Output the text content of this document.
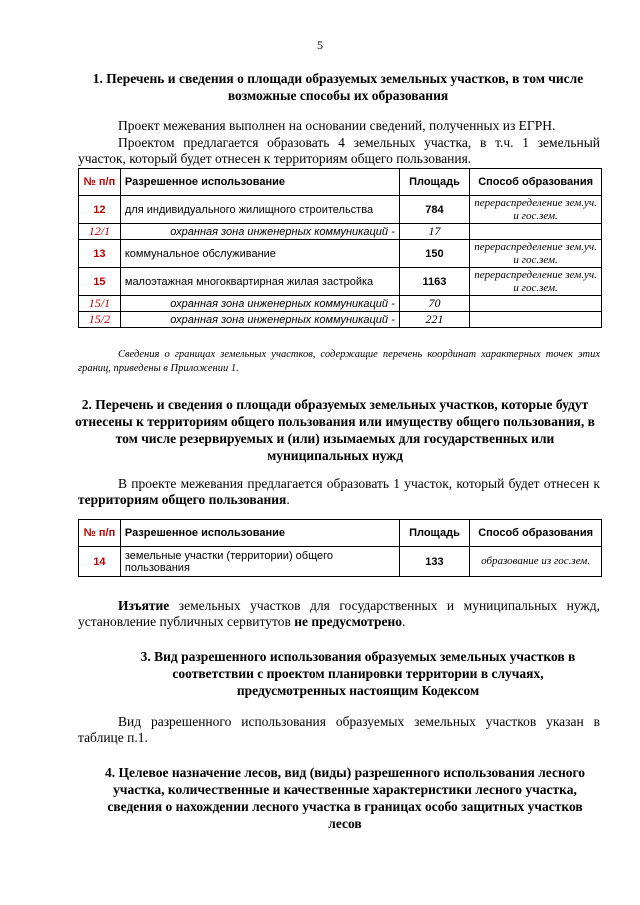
5
1. Перечень и сведения о площади образуемых земельных участков, в том числе возможные способы их образования
Проект межевания выполнен на основании сведений, полученных из ЕГРН.
Проектом предлагается образовать 4 земельных участка, в т.ч. 1 земельный участок, который будет отнесен к территориям общего пользования.
№ п/п	Разрешенное использование	Площадь	Способ образования
12	для индивидуального жилищного строительства	784	перераспределение зем.уч. и гос.зем.
12/1	охранная зона инженерных коммуникаций -	17	
13	коммунальное обслуживание	150	перераспределение зем.уч. и гос.зем.
15	малоэтажная многоквартирная жилая застройка	1163	перераспределение зем.уч. и гос.зем.
15/1	охранная зона инженерных коммуникаций -	70	
15/2	охранная зона инженерных коммуникаций -	221	
Сведения о границах земельных участков, содержащие перечень координат характерных точек этих границ, приведены в Приложении 1.
2. Перечень и сведения о площади образуемых земельных участков, которые будут отнесены к территориям общего пользования или имуществу общего пользования, в том числе резервируемых и (или) изымаемых для государственных или муниципальных нужд
В проекте межевания предлагается образовать 1 участок, который будет отнесен к территориям общего пользования.
№ п/п	Разрешенное использование	Площадь	Способ образования
14	земельные участки (территории) общего пользования	133	образование из гос.зем.
Изъятие земельных участков для государственных и муниципальных нужд, установление публичных сервитутов не предусмотрено.
3. Вид разрешенного использования образуемых земельных участков в соответствии с проектом планировки территории в случаях, предусмотренных настоящим Кодексом
Вид разрешенного использования образуемых земельных участков указан в таблице п.1.
4. Целевое назначение лесов, вид (виды) разрешенного использования лесного участка, количественные и качественные характеристики лесного участка, сведения о нахождении лесного участка в границах особо защитных участков лесов
